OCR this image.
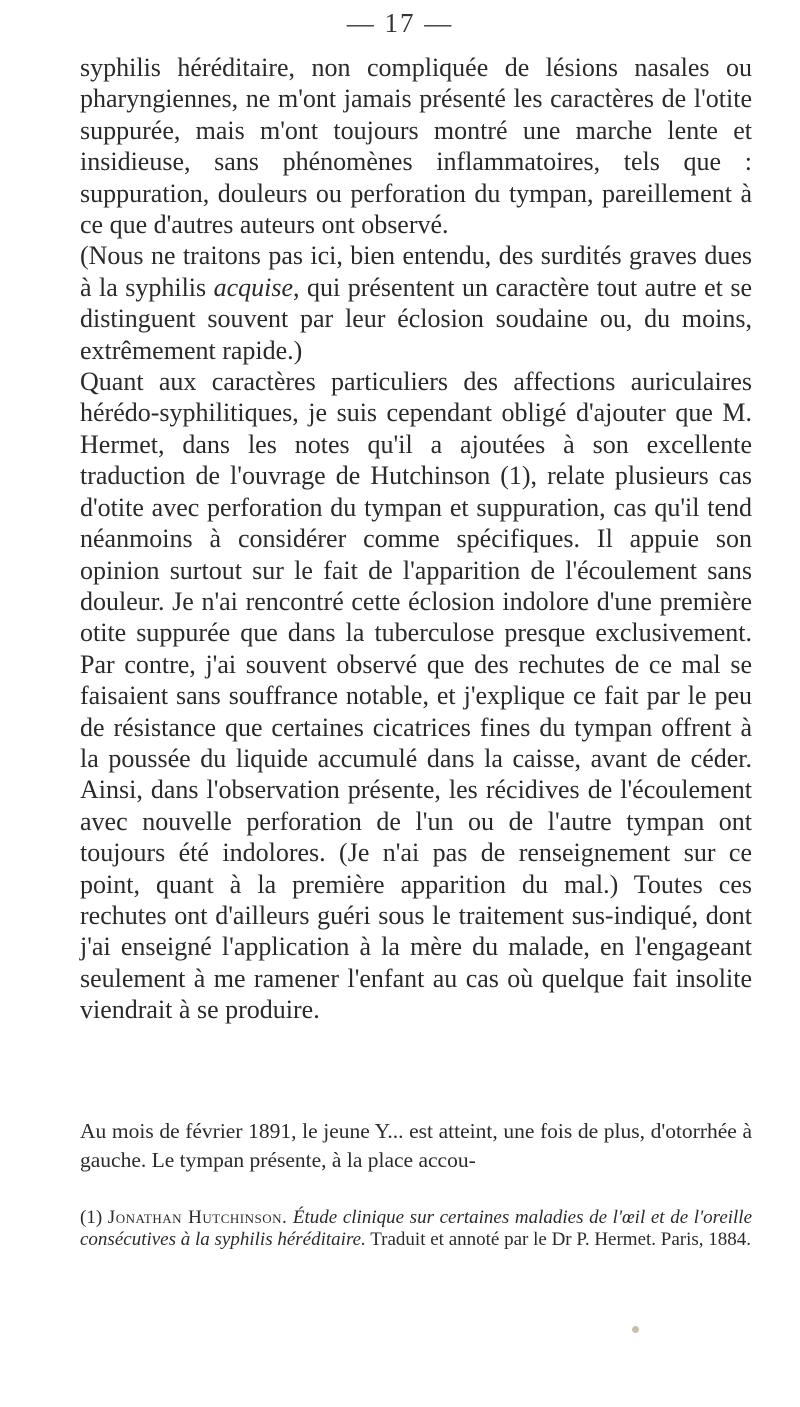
— 17 —

syphilis héréditaire, non compliquée de lésions nasales ou pharyngiennes, ne m'ont jamais présenté les caractères de l'otite suppurée, mais m'ont toujours montré une marche lente et insidieuse, sans phénomènes inflammatoires, tels que : suppuration, douleurs ou perforation du tympan, pareillement à ce que d'autres auteurs ont observé.

(Nous ne traitons pas ici, bien entendu, des surdités graves dues à la syphilis acquise, qui présentent un caractère tout autre et se distinguent souvent par leur éclosion soudaine ou, du moins, extrêmement rapide.)

Quant aux caractères particuliers des affections auriculaires hérédo-syphilitiques, je suis cependant obligé d'ajouter que M. Hermet, dans les notes qu'il a ajoutées à son excellente traduction de l'ouvrage de Hutchinson (1), relate plusieurs cas d'otite avec perforation du tympan et suppuration, cas qu'il tend néanmoins à considérer comme spécifiques. Il appuie son opinion surtout sur le fait de l'apparition de l'écoulement sans douleur. Je n'ai rencontré cette éclosion indolore d'une première otite suppurée que dans la tuberculose presque exclusivement. Par contre, j'ai souvent observé que des rechutes de ce mal se faisaient sans souffrance notable, et j'explique ce fait par le peu de résistance que certaines cicatrices fines du tympan offrent à la poussée du liquide accumulé dans la caisse, avant de céder. Ainsi, dans l'observation présente, les récidives de l'écoulement avec nouvelle perforation de l'un ou de l'autre tympan ont toujours été indolores. (Je n'ai pas de renseignement sur ce point, quant à la première apparition du mal.) Toutes ces rechutes ont d'ailleurs guéri sous le traitement sus-indiqué, dont j'ai enseigné l'application à la mère du malade, en l'engageant seulement à me ramener l'enfant au cas où quelque fait insolite viendrait à se produire.

Au mois de février 1891, le jeune Y... est atteint, une fois de plus, d'otorrhée à gauche. Le tympan présente, à la place accou-

(1) Jonathan Hutchinson. Étude clinique sur certaines maladies de l'œil et de l'oreille consécutives à la syphilis héréditaire. Traduit et annoté par le Dr P. Hermet. Paris, 1884.
